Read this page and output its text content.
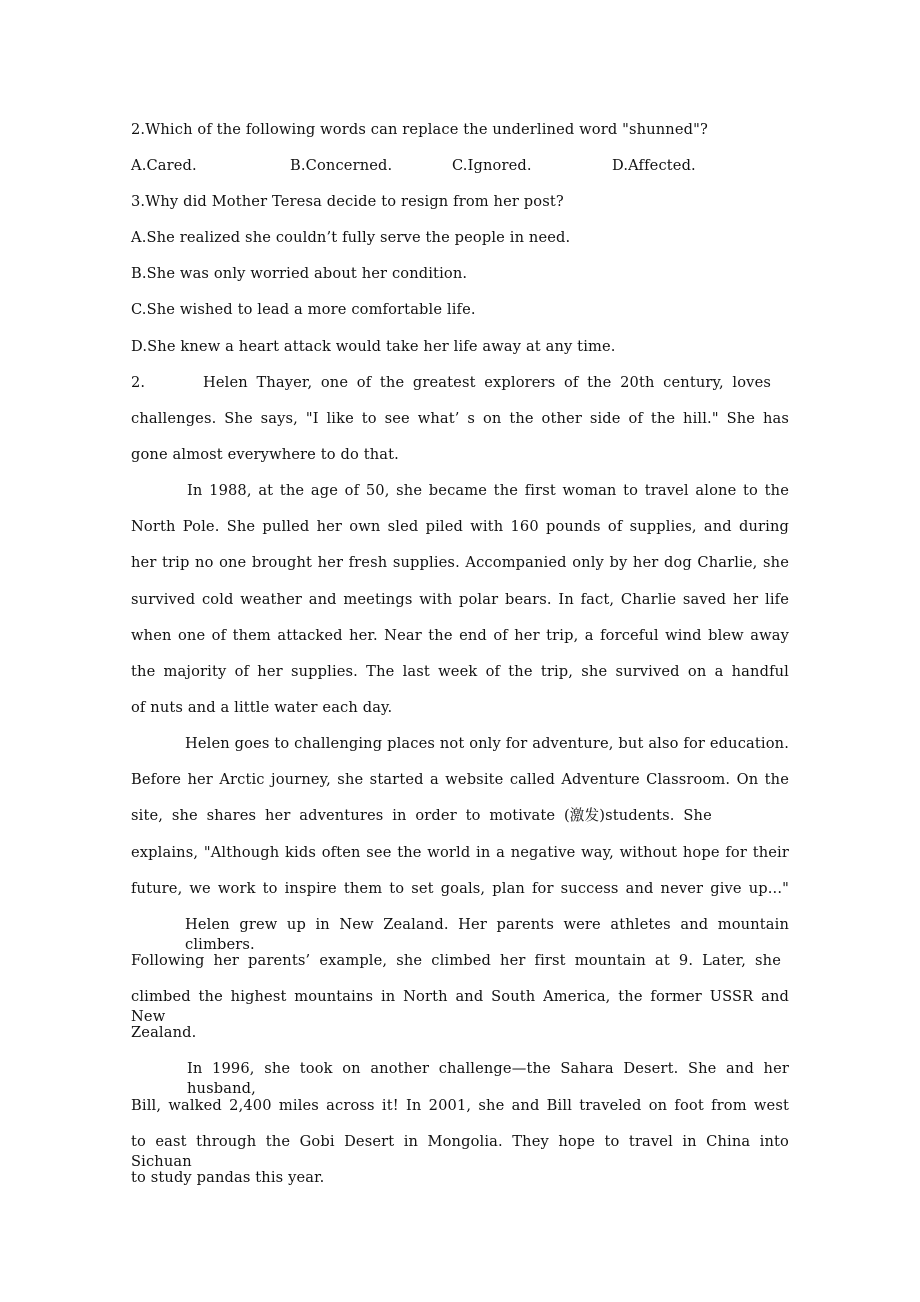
2.Which of the following words can replace the underlined word "shunned"?
A.Cared.	B.Concerned.	C.Ignored.	D.Affected.
3.Why did Mother Teresa decide to resign from her post?
A.She realized she couldn’t fully serve the people in need.
B.She was only worried about her condition.
C.She wished to lead a more comfortable life.
D.She knew a heart attack would take her life away at any time.
2.	Helen Thayer, one of the greatest explorers of the 20th century, loves
challenges. She says, "I like to see what’ s on the other side of the hill." She has
gone almost everywhere to do that.
In 1988, at the age of 50, she became the first woman to travel alone to the
North Pole. She pulled her own sled piled with 160 pounds of supplies, and during
her trip no one brought her fresh supplies. Accompanied only by her dog Charlie, she
survived cold weather and meetings with polar bears. In fact, Charlie saved her life
when one of them attacked her. Near the end of her trip, a forceful wind blew away
the majority of her supplies. The last week of the trip, she survived on a handful
of nuts and a little water each day.
Helen goes to challenging places not only for adventure, but also for education.
Before her Arctic journey, she started a website called Adventure Classroom. On the
site, she shares her adventures in order to motivate (激发)students. She
explains, "Although kids often see the world in a negative way, without hope for their
future, we work to inspire them to set goals, plan for success and never give up..."
Helen grew up in New Zealand. Her parents were athletes and mountain climbers.
Following her parents’ example, she climbed her first mountain at 9. Later, she
climbed the highest mountains in North and South America, the former USSR and New
Zealand.
In 1996, she took on another challenge—the Sahara Desert. She and her husband,
Bill, walked 2,400 miles across it! In 2001, she and Bill traveled on foot from west
to east through the Gobi Desert in Mongolia. They hope to travel in China into Sichuan
to study pandas this year.
